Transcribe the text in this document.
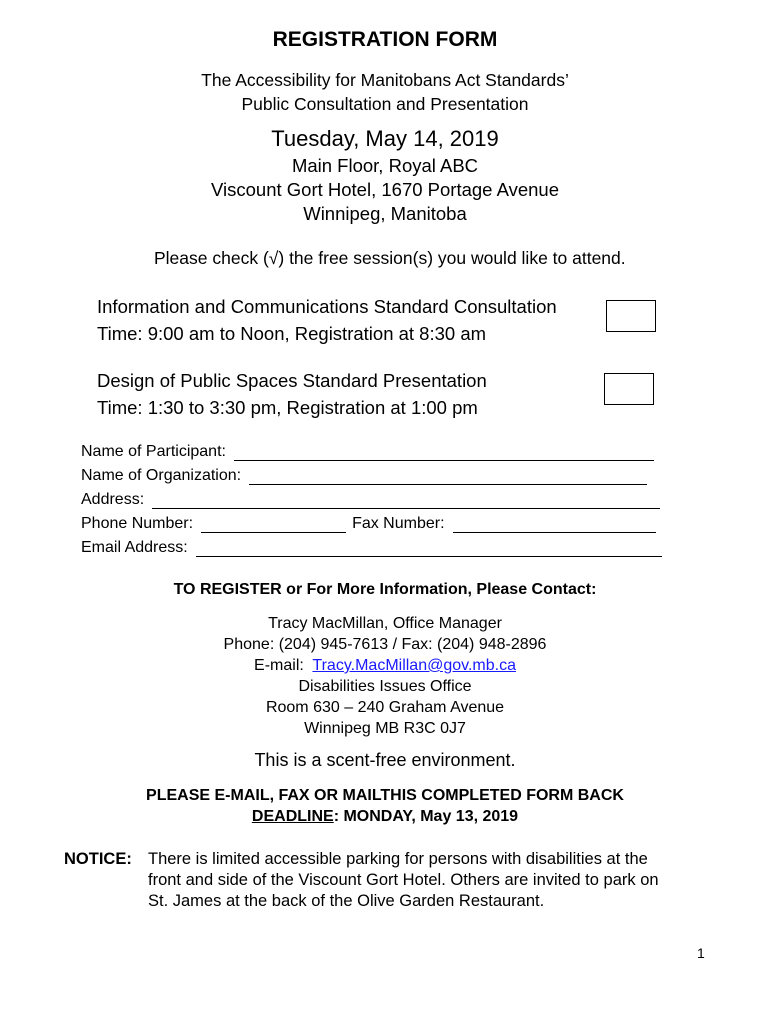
REGISTRATION FORM
The Accessibility for Manitobans Act Standards’
Public Consultation and Presentation
Tuesday, May 14, 2019
Main Floor, Royal ABC
Viscount Gort Hotel, 1670 Portage Avenue
Winnipeg, Manitoba
Please check (√) the free session(s) you would like to attend.
Information and Communications Standard Consultation
Time: 9:00 am to Noon, Registration at 8:30 am
Design of Public Spaces Standard Presentation
Time: 1:30 to 3:30 pm, Registration at 1:00 pm
Name of Participant:
Name of Organization:
Address:
Phone Number:	Fax Number:
Email Address:
TO REGISTER or For More Information, Please Contact:
Tracy MacMillan, Office Manager
Phone: (204) 945-7613 / Fax: (204) 948-2896
E-mail: Tracy.MacMillan@gov.mb.ca
Disabilities Issues Office
Room 630 – 240 Graham Avenue
Winnipeg MB R3C 0J7
This is a scent-free environment.
PLEASE E-MAIL, FAX OR MAILTHIS COMPLETED FORM BACK
DEADLINE: MONDAY, May 13, 2019
NOTICE: There is limited accessible parking for persons with disabilities at the
front and side of the Viscount Gort Hotel. Others are invited to park on
St. James at the back of the Olive Garden Restaurant.
1
